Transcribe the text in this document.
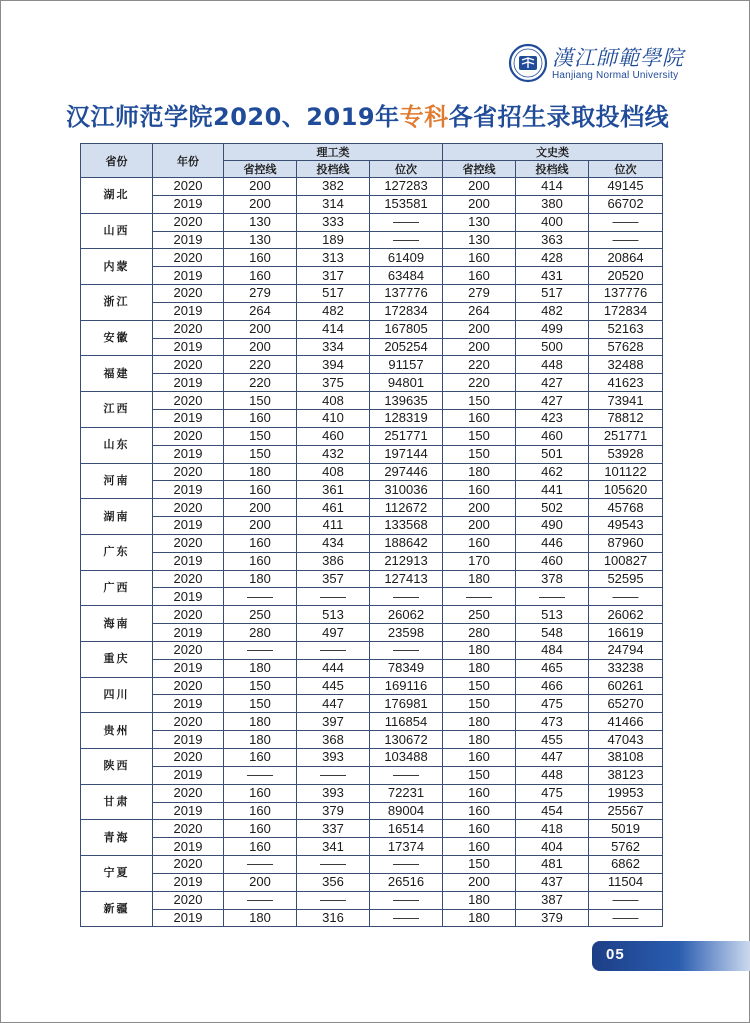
漢江師範學院
Hanjiang Normal University
汉江师范学院2020、2019年专科各省招生录取投档线
省份	年份	理工类			文史类		
		省控线	投档线	位次	省控线	投档线	位次
湖北	2020	200	382	127283	200	414	49145
	2019	200	314	153581	200	380	66702
山西	2020	130	333	——	130	400	——
	2019	130	189	——	130	363	——
内蒙	2020	160	313	61409	160	428	20864
	2019	160	317	63484	160	431	20520
浙江	2020	279	517	137776	279	517	137776
	2019	264	482	172834	264	482	172834
安徽	2020	200	414	167805	200	499	52163
	2019	200	334	205254	200	500	57628
福建	2020	220	394	91157	220	448	32488
	2019	220	375	94801	220	427	41623
江西	2020	150	408	139635	150	427	73941
	2019	160	410	128319	160	423	78812
山东	2020	150	460	251771	150	460	251771
	2019	150	432	197144	150	501	53928
河南	2020	180	408	297446	180	462	101122
	2019	160	361	310036	160	441	105620
湖南	2020	200	461	112672	200	502	45768
	2019	200	411	133568	200	490	49543
广东	2020	160	434	188642	160	446	87960
	2019	160	386	212913	170	460	100827
广西	2020	180	357	127413	180	378	52595
	2019	——	——	——	——	——	——
海南	2020	250	513	26062	250	513	26062
	2019	280	497	23598	280	548	16619
重庆	2020	——	——	——	180	484	24794
	2019	180	444	78349	180	465	33238
四川	2020	150	445	169116	150	466	60261
	2019	150	447	176981	150	475	65270
贵州	2020	180	397	116854	180	473	41466
	2019	180	368	130672	180	455	47043
陕西	2020	160	393	103488	160	447	38108
	2019	——	——	——	150	448	38123
甘肃	2020	160	393	72231	160	475	19953
	2019	160	379	89004	160	454	25567
青海	2020	160	337	16514	160	418	5019
	2019	160	341	17374	160	404	5762
宁夏	2020	——	——	——	150	481	6862
	2019	200	356	26516	200	437	11504
新疆	2020	——	——	——	180	387	——
	2019	180	316	——	180	379	——
05
